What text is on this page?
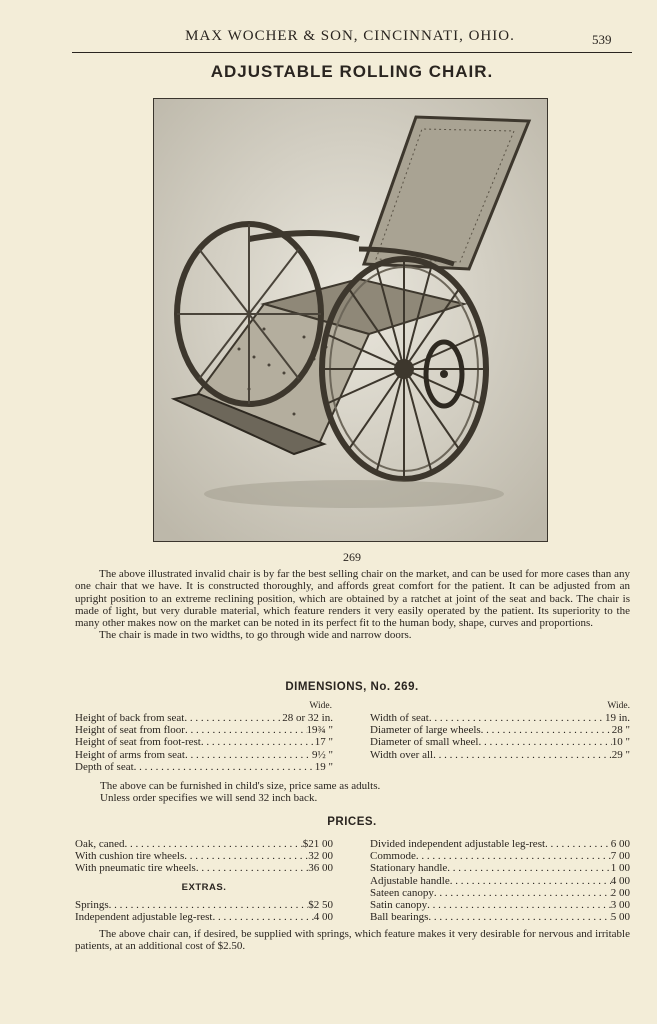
MAX WOCHER & SON, CINCINNATI, OHIO.	539
ADJUSTABLE ROLLING CHAIR.
269

The above illustrated invalid chair is by far the best selling chair on the market, and can be used for more cases than any one chair that we have. It is constructed thoroughly, and affords great comfort for the patient. It can be adjusted from an upright position to an extreme reclining position, which are obtained by a ratchet at joint of the seat and back. The chair is made of light, but very durable material, which feature renders it very easily operated by the patient. Its superiority to the many other makes now on the market can be noted in its perfect fit to the human body, shape, curves and proportions.

The chair is made in two widths, to go through wide and narrow doors.

DIMENSIONS, No. 269.
Wide.	Wide.
Height of back from seat . . .	28 or 32 in.
Height of seat from floor . . .	19¾ "
Height of seat from foot-rest . . .	17 "
Height of arms from seat . . .	9½ "
Depth of seat . . .	19 "
Width of seat . . .	19 in.
Diameter of large wheels . . .	28 "
Diameter of small wheel . . .	10 "
Width over all . . .	29 "
The above can be furnished in child's size, price same as adults.
Unless order specifies we will send 32 inch back.
PRICES.
Oak, caned . . .	$21 00
With cushion tire wheels . . .	32 00
With pneumatic tire wheels . . .	36 00
EXTRAS.
Springs . . .	$2 50
Independent adjustable leg-rest . . .	4 00
Divided independent adjustable leg-rest . . .	6 00
Commode . . .	7 00
Stationary handle . . .	1 00
Adjustable handle . . .	4 00
Sateen canopy . . .	2 00
Satin canopy . . .	3 00
Ball bearings . . .	5 00

The above chair can, if desired, be supplied with springs, which feature makes it very desirable for nervous and irritable patients, at an additional cost of $2.50.
